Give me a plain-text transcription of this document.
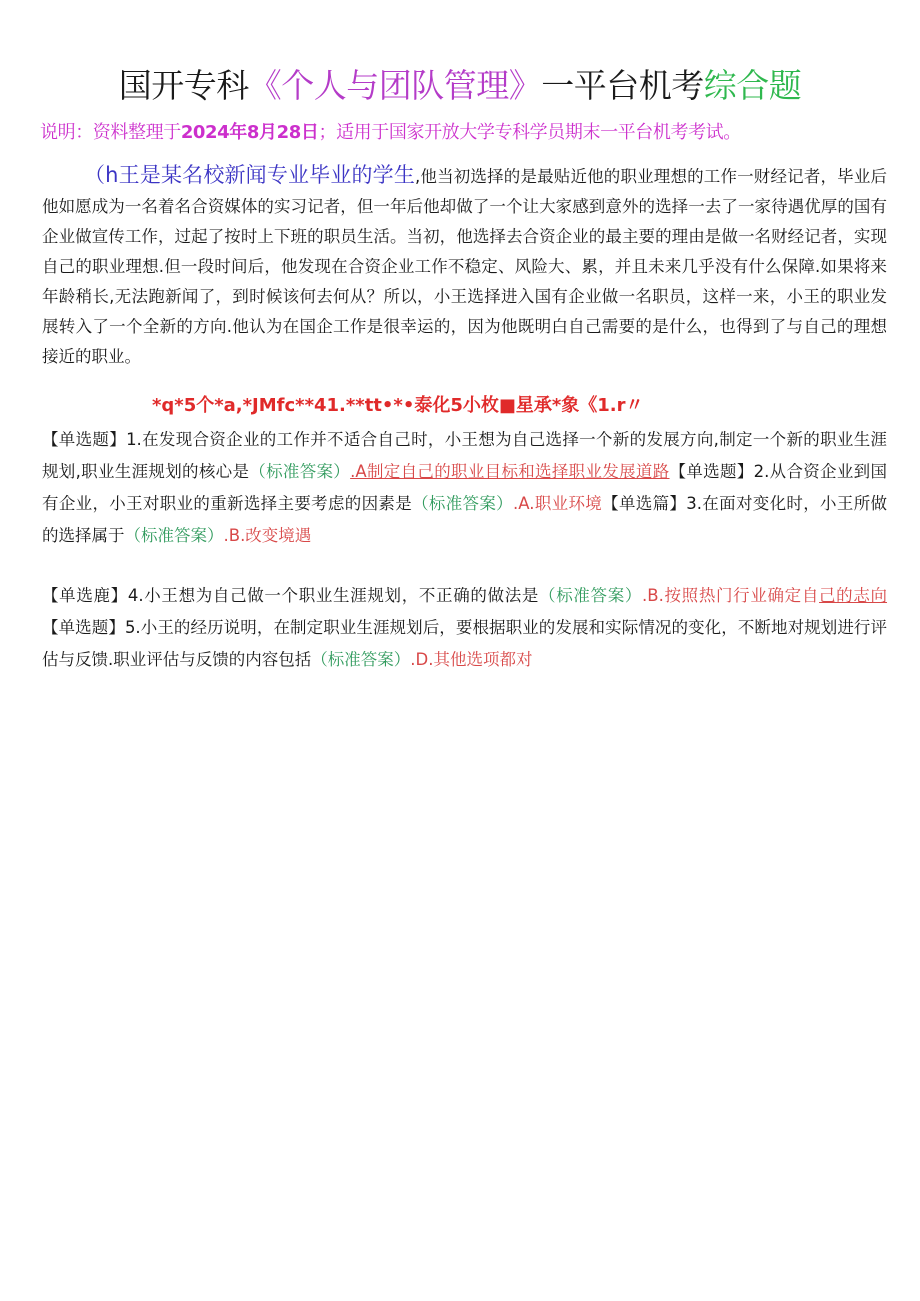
国开专科《个人与团队管理》一平台机考综合题
说明：资料整理于2024年8月28日；适用于国家开放大学专科学员期末一平台机考考试。
（h王是某名校新闻专业毕业的学生,他当初选择的是最贴近他的职业理想的工作一财经记者，毕业后他如愿成为一名着名合资媒体的实习记者，但一年后他却做了一个让大家感到意外的选择一去了一家待遇优厚的国有企业做宣传工作，过起了按时上下班的职员生活。当初，他选择去合资企业的最主要的理由是做一名财经记者，实现自己的职业理想.但一段时间后，他发现在合资企业工作不稳定、风险大、累，并且未来几乎没有什么保障.如果将来年龄稍长,无法跑新闻了，到时候该何去何从？所以，小王选择进入国有企业做一名职员，这样一来，小王的职业发展转入了一个全新的方向.他认为在国企工作是很幸运的，因为他既明白自己需要的是什么，也得到了与自己的理想接近的职业。
*q*5个*a,*JMfc**41.**tt•*•泰化5小枚■星承*象《1.r〃
【单选题】1.在发现合资企业的工作并不适合自己时，小王想为自己选择一个新的发展方向,制定一个新的职业生涯规划,职业生涯规划的核心是（标准答案）.A制定自己的职业目标和选择职业发展道路【单选题】2.从合资企业到国有企业，小王对职业的重新选择主要考虑的因素是（标准答案）.A.职业环境【单选篇】3.在面对变化时，小王所做的选择属于（标准答案）.B.改变境遇
【单选鹿】4.小王想为自己做一个职业生涯规划，不正确的做法是（标准答案）.B.按照热门行业确定自己的志向【单选题】5.小王的经历说明，在制定职业生涯规划后，要根据职业的发展和实际情况的变化，不断地对规划进行评估与反馈.职业评估与反馈的内容包括（标准答案）.D.其他选项都对
